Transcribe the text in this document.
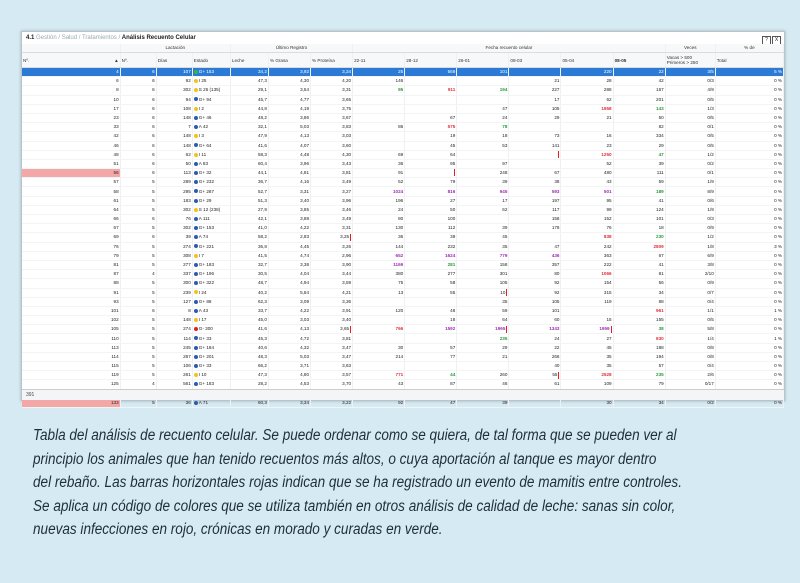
4.1 Gestión / Salud / Tratamientos / Análisis Recuento Celular	? X
	Lactación			Último Registro			Fecha recuento celular						Veces	% de
Nº. ▲	Nº.	Días	Estado	Leche	% Grasa	% Proteína	22-11	28-12	26-01	08-03	05-04	08-05	Vacas > 500
Primeros > 250	Total
4	6	107	G+ 153	34,2	3,92	3,34	25	569	101		220	22	3/5	5 %
6	6	92	I 25	47,3	4,30	4,20	146			21	28	42	0/3	0 %
8	6	302	S 25 (135)	29,1	3,54	3,31	95	911	194	227	288	167	4/9	0 %
10	6	94	G+ 94	45,7	4,77	3,65				17	62	201	0/5	0 %
17	6	108	I 2	44,8	4,19	3,75			47	105	1958	143	1/3	0 %
23	6	148	G+ 46	48,2	3,86	3,67		67	24	29	21	50	0/5	0 %
33	6	7	A 42	32,1	5,03	3,83	86	575	78			82	0/1	0 %
42	6	148	I 3	47,9	4,13	3,03		19	18	73	16	334	0/5	0 %
46	6	148	G+ 64	41,6	4,07	3,60		45	53	141	23	29	0/5	0 %
48	6	62	I 11	58,3	4,48	4,30	69	64			1250	47	1/2	0 %
51	6	50	A 83	60,4	3,96	3,43	36	95	97		52	39	0/2	0 %
56	6	113	G+ 32	44,1	4,81	3,81	91		248	67	480	111	0/1	0 %
57	5	289	G+ 232	36,7	4,16	3,49	52	79	39	38	43	59	1/9	0 %
58	5	295	G+ 287	52,7	3,31	3,27	1024	816	945	593	501	189	8/9	0 %
61	5	183	G+ 29	51,3	3,40	3,96	196	27	17	197	95	41	0/6	0 %
64	5	302	S 12 (238)	27,9	3,85	3,46	24	50	62	117	99	124	1/9	0 %
66	6	76	A 111	42,1	3,88	3,49	80	100		158	152	101	0/3	0 %
67	5	302	G+ 153	41,0	4,22	3,31	130	112	39	178	76	18	0/9	0 %
69	6	39	A 74	58,2	2,83	3,25	36	39	45		838	230	1/2	0 %
76	5	274	G+ 221	36,8	4,45	3,26	144	232	35	47	242	2809	1/8	3 %
79	5	308	I 7	41,5	4,74	2,96	652	1624	779	436	363	67	6/9	0 %
81	5	277	G+ 183	32,7	3,38	3,90	1169	281	158	357	222	41	3/8	0 %
87	4	337	G+ 196	30,5	4,04	3,44	380	277	301	80	1066	81	2/10	0 %
88	5	300	G+ 322	48,7	4,94	3,59	75	58	105	92	154	56	0/9	0 %
91	5	239	I 24	40,2	5,84	4,21	13	55	10	92	315	34	0/7	0 %
93	5	127	G+ 88	62,3	3,09	3,36			35	105	119	88	0/4	0 %
101	6	8	A 43	33,7	4,22	3,91	120	46	59	101		961	1/1	1 %
102	5	148	I 17	45,0	3,03	3,40		18	64	60	15	155	0/5	0 %
105	5	274	G- 300	41,6	4,13	3,65	766	1592	1965	1343	1959	38	5/8	0 %
110	5	114	G+ 33	45,3	4,72	3,81			235	24	27	830	1/4	1 %
113	5	245	G+ 184	40,6	4,32	3,47	30	57	29	22	45	188	0/8	0 %
114	5	267	G+ 201	48,3	5,03	3,47	214	77	21	266	35	194	0/8	0 %
115	5	106	G+ 33	66,2	3,71	3,63				40	35	57	0/4	0 %
119	5	261	I 10	47,3	4,80	3,57	771	44	260	55	2528	235	2/6	0 %
125	4	561	G+ 183	28,2	4,53	3,70	43	87	46	61	109	79	0/17	0 %

133	5	36	A 71	60,3	3,34	3,22	92	47	39		30	34	0/2	0 %
391
Tabla del análisis de recuento celular. Se puede ordenar como se quiera, de tal forma que se pueden ver al
principio los animales que han tenido recuentos más altos, o cuya aportación al tanque es mayor dentro
del rebaño. Las barras horizontales rojas indican que se ha registrado un evento de mamitis entre controles.
Se aplica un código de colores que se utiliza también en otros análisis de calidad de leche: sanas sin color,
nuevas infecciones en rojo, crónicas en morado y curadas en verde.
